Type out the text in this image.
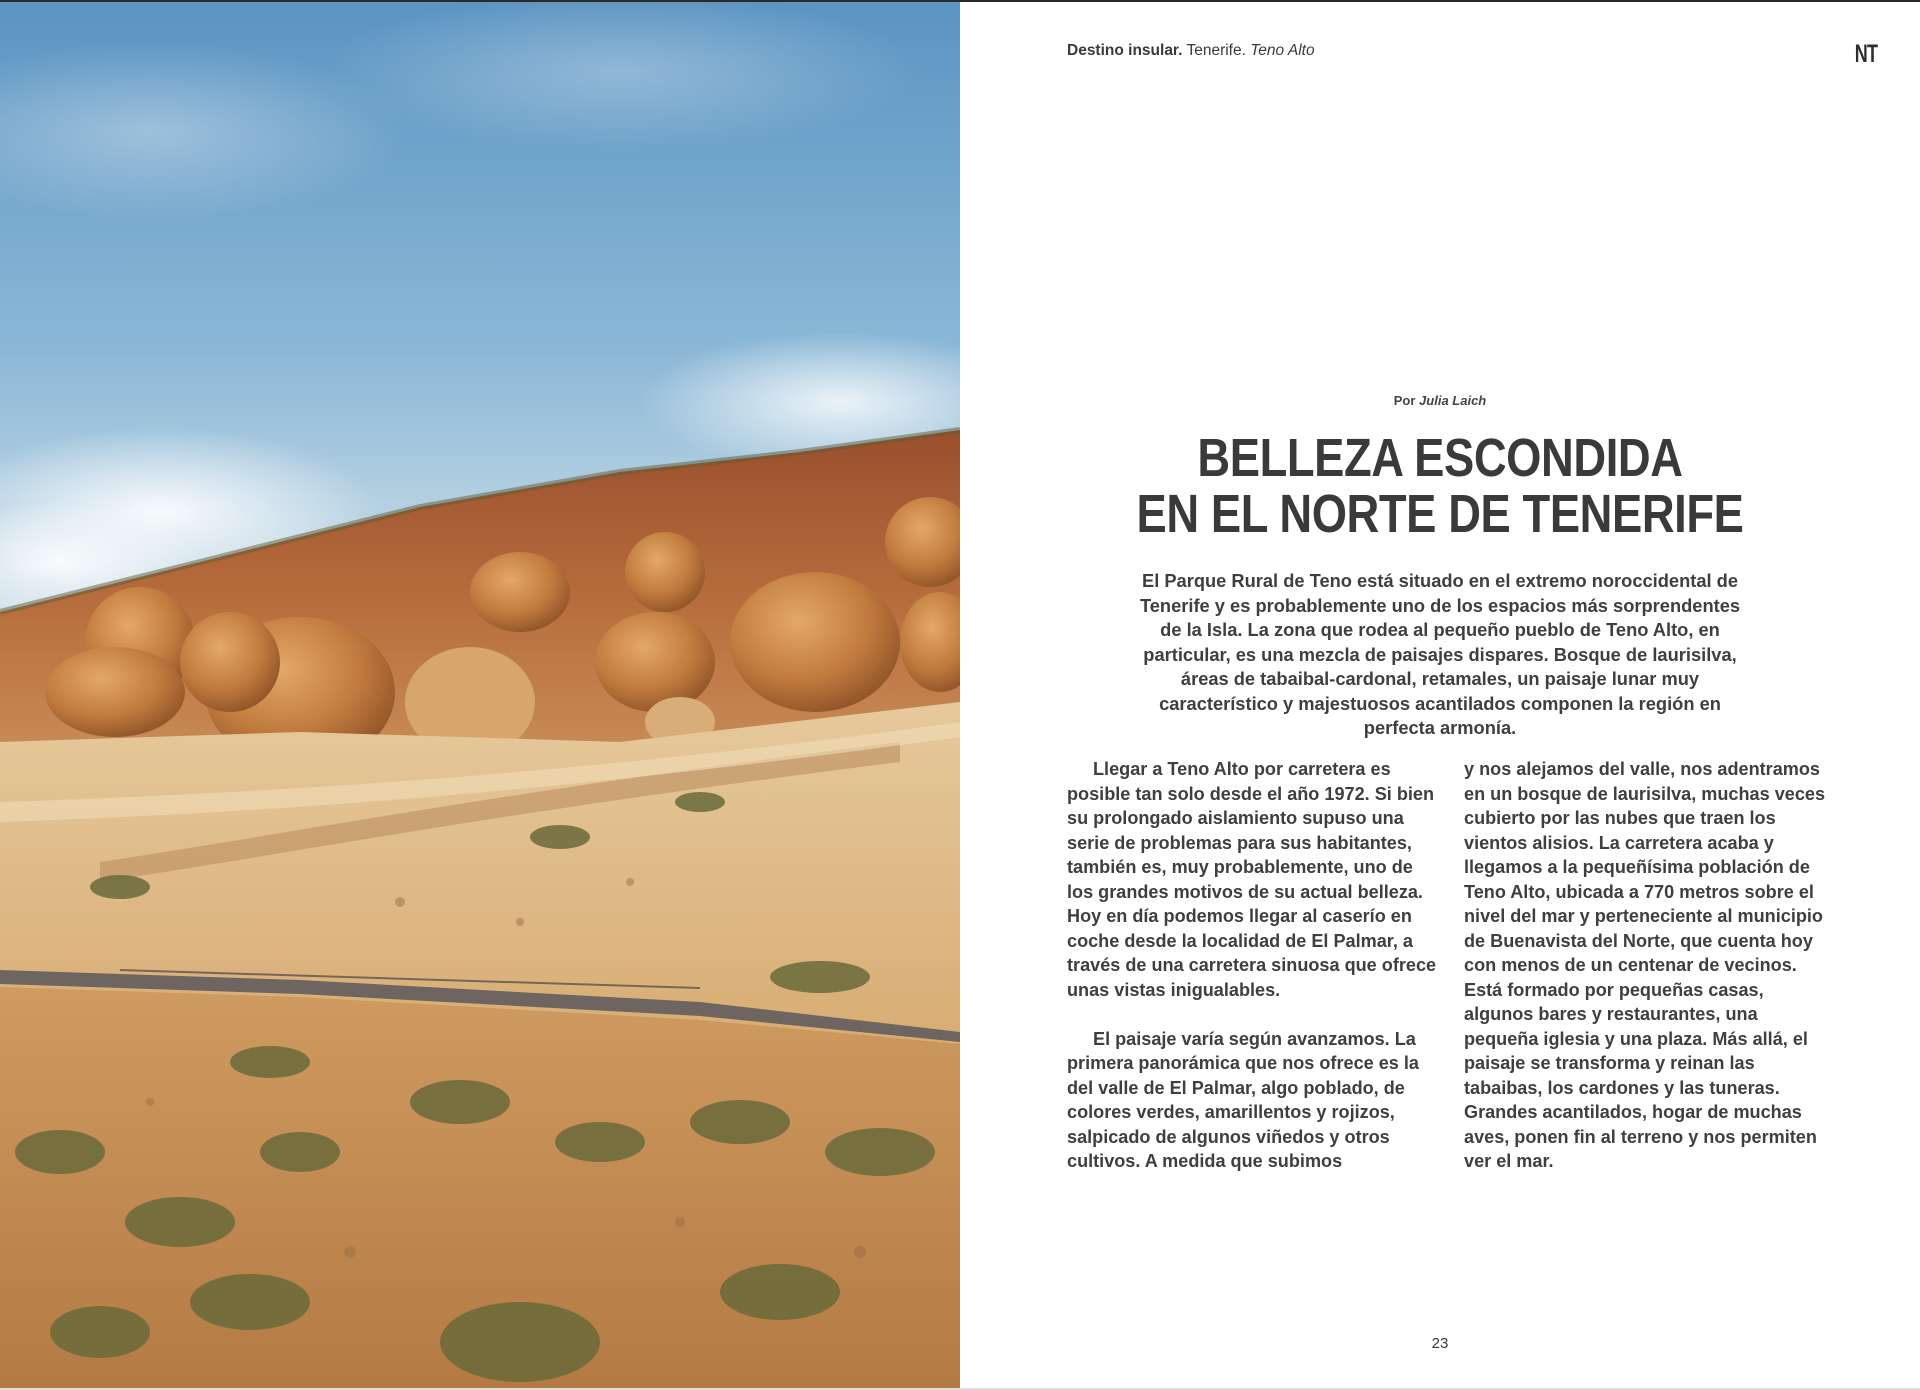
Destino insular. Tenerife. Teno Alto	NT
Por Julia Laich
BELLEZA ESCONDIDA
EN EL NORTE DE TENERIFE

El Parque Rural de Teno está situado en el extremo noroccidental de Tenerife y es probablemente uno de los espacios más sorprendentes de la Isla. La zona que rodea al pequeño pueblo de Teno Alto, en particular, es una mezcla de paisajes dispares. Bosque de laurisilva, áreas de tabaibal-cardonal, retamales, un paisaje lunar muy característico y majestuosos acantilados componen la región en perfecta armonía.

Llegar a Teno Alto por carretera es posible tan solo desde el año 1972. Si bien su prolongado aislamiento supuso una serie de problemas para sus habitantes, también es, muy probablemente, uno de los grandes motivos de su actual belleza. Hoy en día podemos llegar al caserío en coche desde la localidad de El Palmar, a través de una carretera sinuosa que ofrece unas vistas inigualables.

El paisaje varía según avanzamos. La primera panorámica que nos ofrece es la del valle de El Palmar, algo poblado, de colores verdes, amarillentos y rojizos, salpicado de algunos viñedos y otros cultivos. A medida que subimos

y nos alejamos del valle, nos adentramos en un bosque de laurisilva, muchas veces cubierto por las nubes que traen los vientos alisios. La carretera acaba y llegamos a la pequeñísima población de Teno Alto, ubicada a 770 metros sobre el nivel del mar y perteneciente al municipio de Buenavista del Norte, que cuenta hoy con menos de un centenar de vecinos. Está formado por pequeñas casas, algunos bares y restaurantes, una pequeña iglesia y una plaza. Más allá, el paisaje se transforma y reinan las tabaibas, los cardones y las tuneras. Grandes acantilados, hogar de muchas aves, ponen fin al terreno y nos permiten ver el mar.

23
